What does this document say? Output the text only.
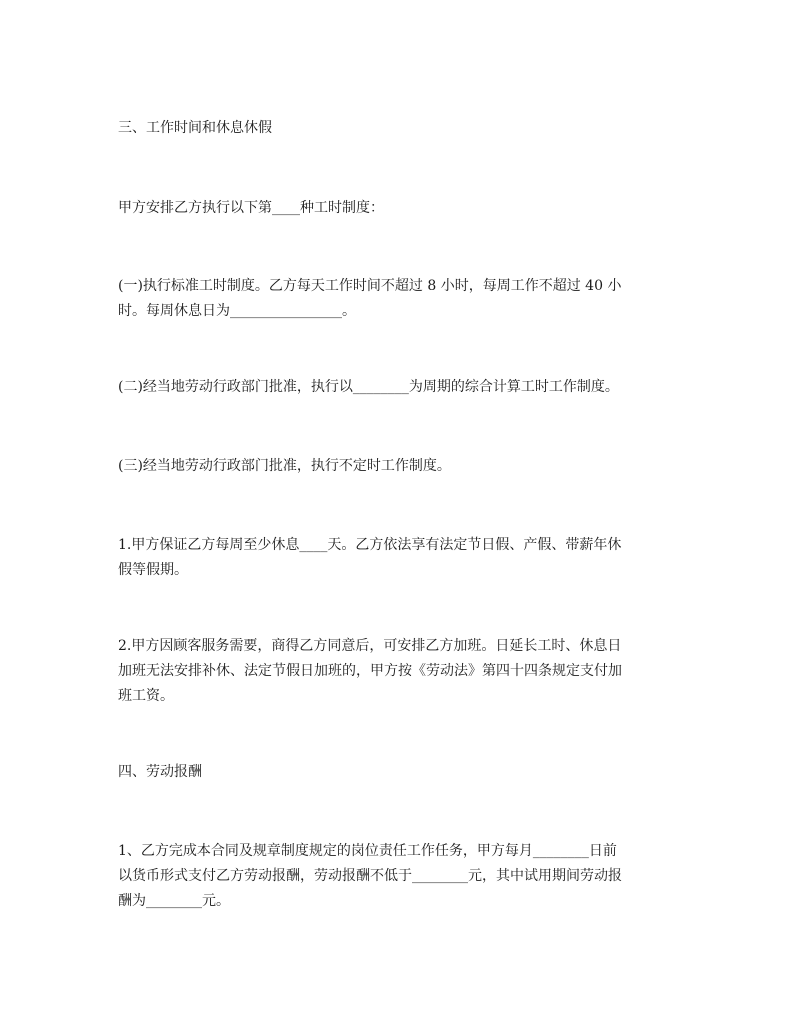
三、工作时间和休息休假

甲方安排乙方执行以下第____种工时制度：

(一)执行标准工时制度。乙方每天工作时间不超过 8 小时，每周工作不超过 40 小
时。每周休息日为________________。

(二)经当地劳动行政部门批准，执行以________为周期的综合计算工时工作制度。

(三)经当地劳动行政部门批准，执行不定时工作制度。

1.甲方保证乙方每周至少休息____天。乙方依法享有法定节日假、产假、带薪年休
假等假期。

2.甲方因顾客服务需要，商得乙方同意后，可安排乙方加班。日延长工时、休息日
加班无法安排补休、法定节假日加班的，甲方按《劳动法》第四十四条规定支付加
班工资。

四、劳动报酬

1、乙方完成本合同及规章制度规定的岗位责任工作任务，甲方每月________日前
以货币形式支付乙方劳动报酬，劳动报酬不低于________元，其中试用期间劳动报
酬为________元。
